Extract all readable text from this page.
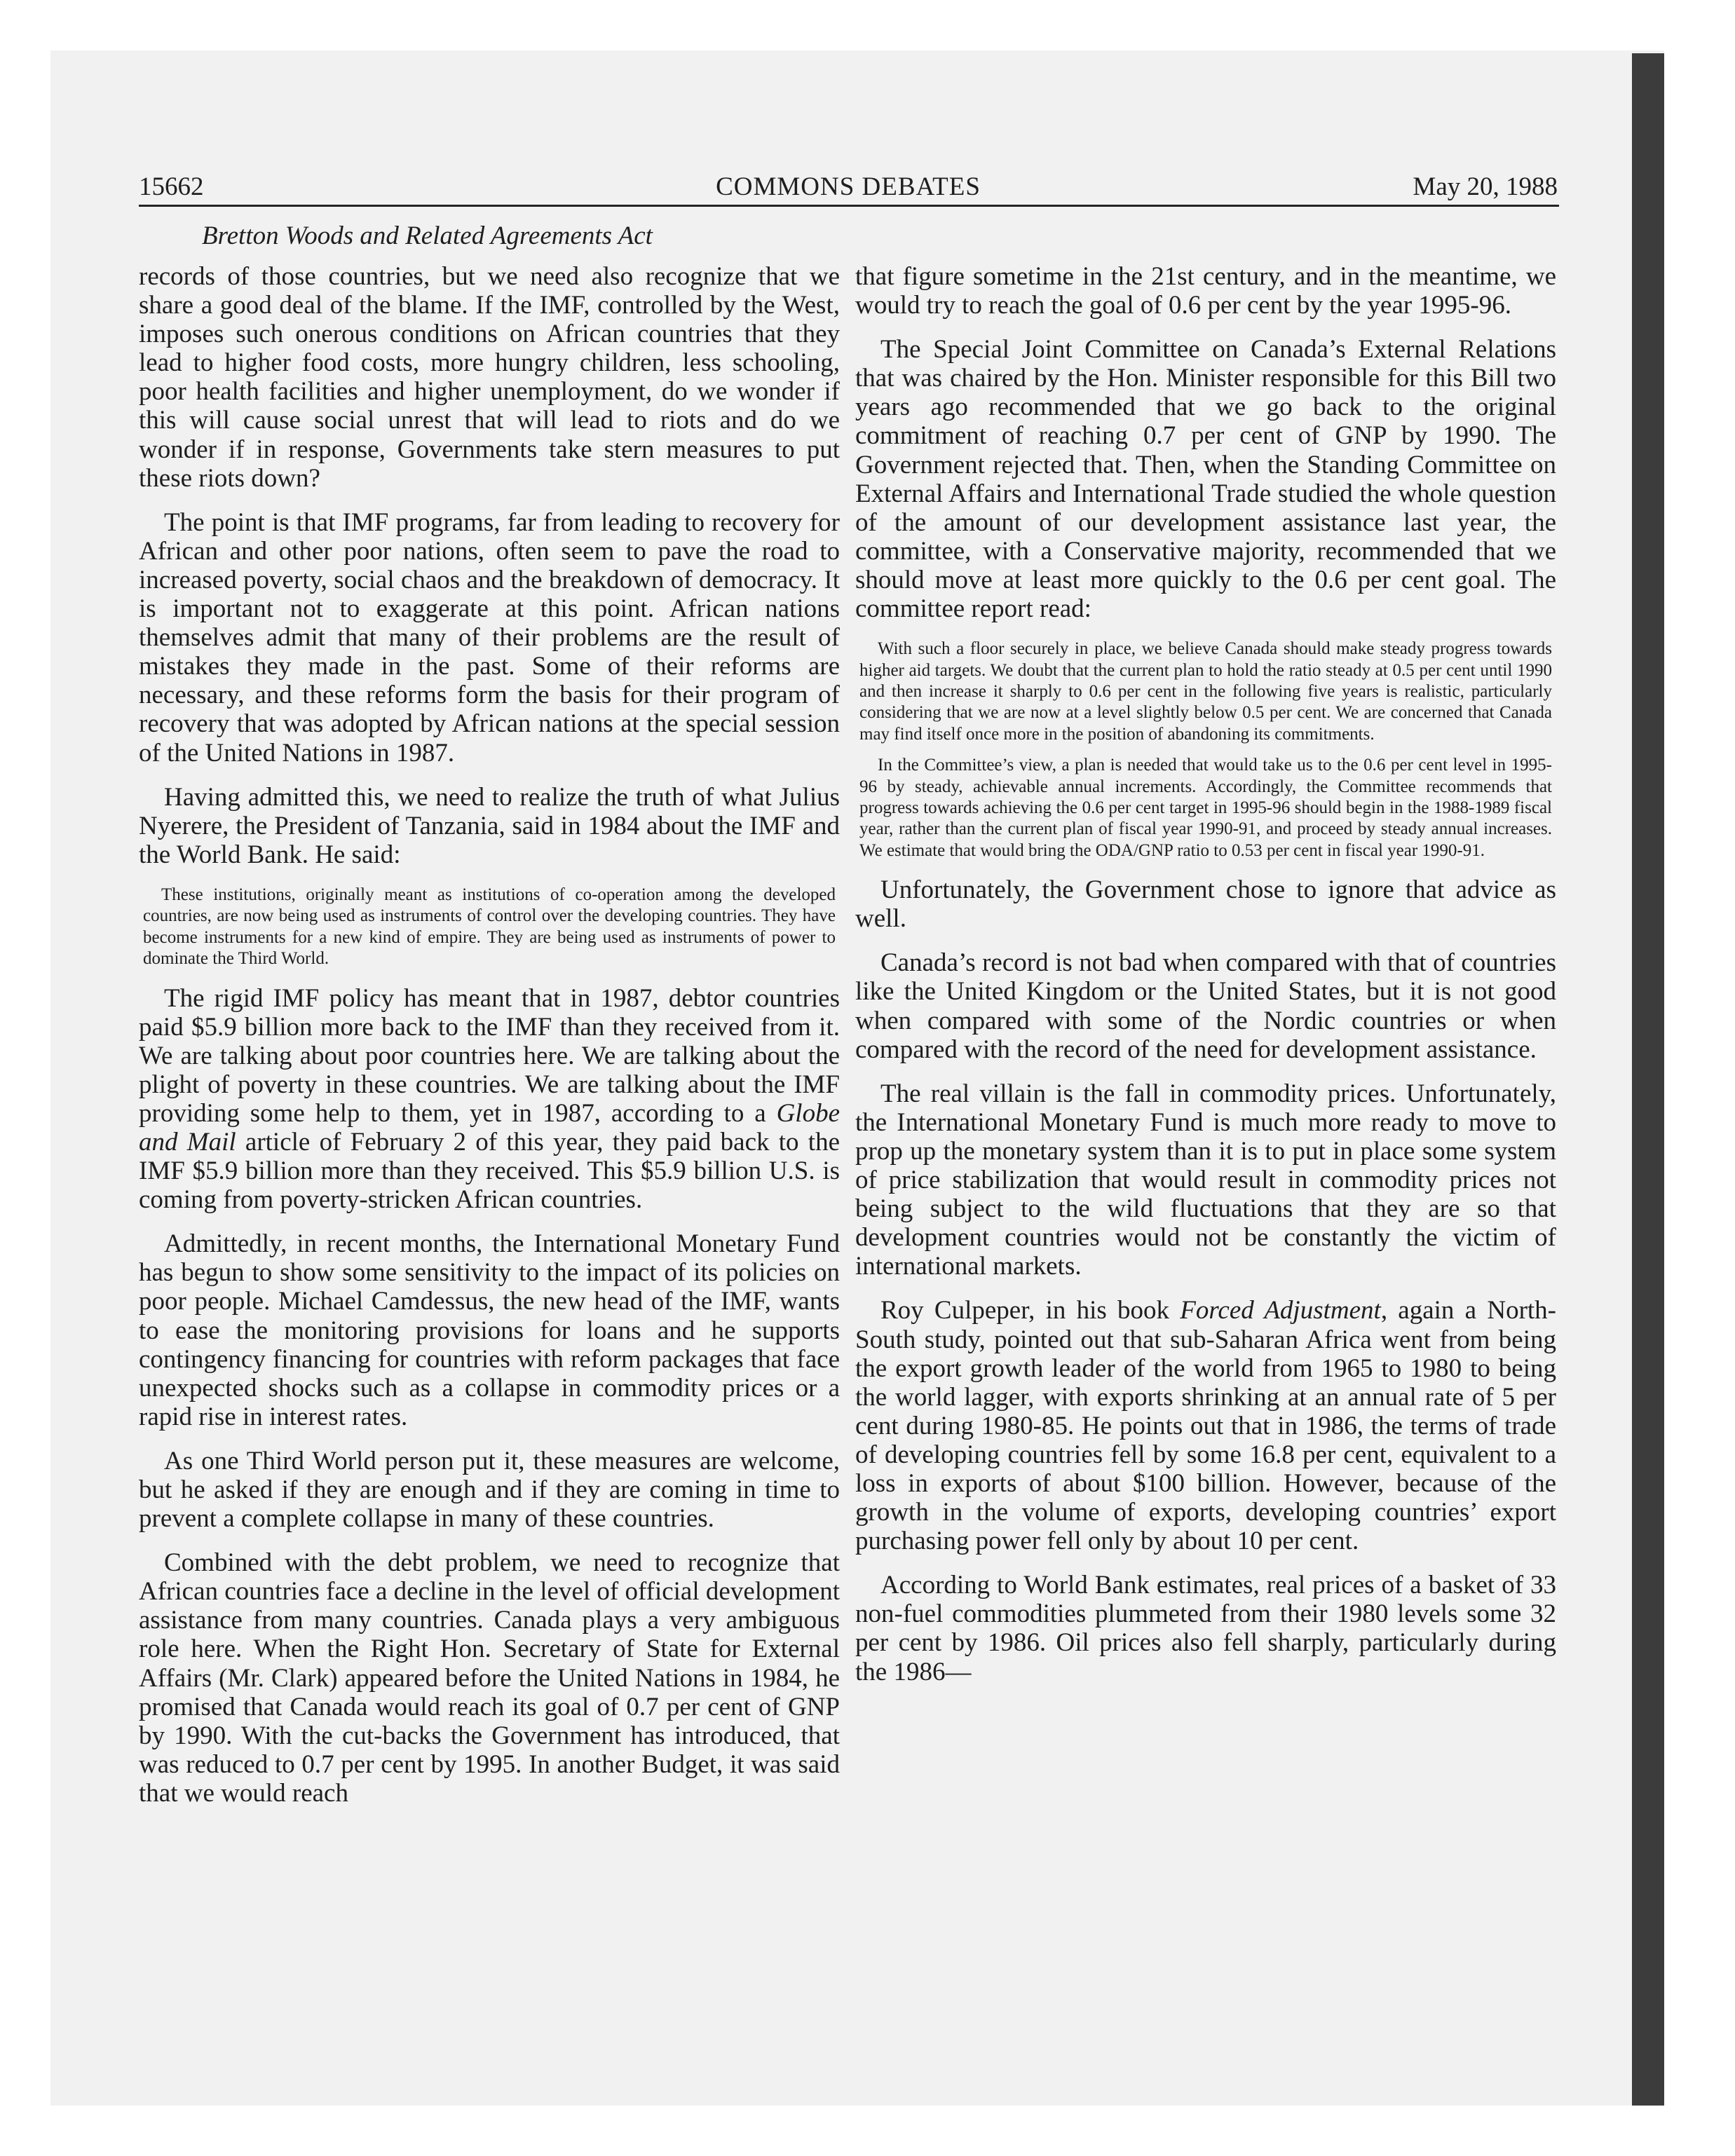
15662	COMMONS DEBATES	May 20, 1988
Bretton Woods and Related Agreements Act

records of those countries, but we need also recognize that we share a good deal of the blame. If the IMF, controlled by the West, imposes such onerous conditions on African countries that they lead to higher food costs, more hungry children, less schooling, poor health facilities and higher unemployment, do we wonder if this will cause social unrest that will lead to riots and do we wonder if in response, Governments take stern measures to put these riots down?

The point is that IMF programs, far from leading to recovery for African and other poor nations, often seem to pave the road to increased poverty, social chaos and the breakdown of democracy. It is important not to exaggerate at this point. African nations themselves admit that many of their problems are the result of mistakes they made in the past. Some of their reforms are necessary, and these reforms form the basis for their program of recovery that was adopted by African nations at the special session of the United Nations in 1987.

Having admitted this, we need to realize the truth of what Julius Nyerere, the President of Tanzania, said in 1984 about the IMF and the World Bank. He said:

These institutions, originally meant as institutions of co-operation among the developed countries, are now being used as instruments of control over the developing countries. They have become instruments for a new kind of empire. They are being used as instruments of power to dominate the Third World.

The rigid IMF policy has meant that in 1987, debtor countries paid $5.9 billion more back to the IMF than they received from it. We are talking about poor countries here. We are talking about the plight of poverty in these countries. We are talking about the IMF providing some help to them, yet in 1987, according to a Globe and Mail article of February 2 of this year, they paid back to the IMF $5.9 billion more than they received. This $5.9 billion U.S. is coming from poverty-stricken African countries.

Admittedly, in recent months, the International Monetary Fund has begun to show some sensitivity to the impact of its policies on poor people. Michael Camdessus, the new head of the IMF, wants to ease the monitoring provisions for loans and he supports contingency financing for countries with reform packages that face unexpected shocks such as a collapse in commodity prices or a rapid rise in interest rates.

As one Third World person put it, these measures are welcome, but he asked if they are enough and if they are coming in time to prevent a complete collapse in many of these countries.

Combined with the debt problem, we need to recognize that African countries face a decline in the level of official development assistance from many countries. Canada plays a very ambiguous role here. When the Right Hon. Secretary of State for External Affairs (Mr. Clark) appeared before the United Nations in 1984, he promised that Canada would reach its goal of 0.7 per cent of GNP by 1990. With the cut-backs the Government has introduced, that was reduced to 0.7 per cent by 1995. In another Budget, it was said that we would reach

that figure sometime in the 21st century, and in the meantime, we would try to reach the goal of 0.6 per cent by the year 1995-96.

The Special Joint Committee on Canada’s External Relations that was chaired by the Hon. Minister responsible for this Bill two years ago recommended that we go back to the original commitment of reaching 0.7 per cent of GNP by 1990. The Government rejected that. Then, when the Standing Committee on External Affairs and International Trade studied the whole question of the amount of our development assistance last year, the committee, with a Conservative majority, recommended that we should move at least more quickly to the 0.6 per cent goal. The committee report read:

With such a floor securely in place, we believe Canada should make steady progress towards higher aid targets. We doubt that the current plan to hold the ratio steady at 0.5 per cent until 1990 and then increase it sharply to 0.6 per cent in the following five years is realistic, particularly considering that we are now at a level slightly below 0.5 per cent. We are concerned that Canada may find itself once more in the position of abandoning its commitments.

In the Committee’s view, a plan is needed that would take us to the 0.6 per cent level in 1995-96 by steady, achievable annual increments. Accordingly, the Committee recommends that progress towards achieving the 0.6 per cent target in 1995-96 should begin in the 1988-1989 fiscal year, rather than the current plan of fiscal year 1990-91, and proceed by steady annual increases. We estimate that would bring the ODA/GNP ratio to 0.53 per cent in fiscal year 1990-91.

Unfortunately, the Government chose to ignore that advice as well.

Canada’s record is not bad when compared with that of countries like the United Kingdom or the United States, but it is not good when compared with some of the Nordic countries or when compared with the record of the need for development assistance.

The real villain is the fall in commodity prices. Unfortunately, the International Monetary Fund is much more ready to move to prop up the monetary system than it is to put in place some system of price stabilization that would result in commodity prices not being subject to the wild fluctuations that they are so that development countries would not be constantly the victim of international markets.

Roy Culpeper, in his book Forced Adjustment, again a North-South study, pointed out that sub-Saharan Africa went from being the export growth leader of the world from 1965 to 1980 to being the world lagger, with exports shrinking at an annual rate of 5 per cent during 1980-85. He points out that in 1986, the terms of trade of developing countries fell by some 16.8 per cent, equivalent to a loss in exports of about $100 billion. However, because of the growth in the volume of exports, developing countries’ export purchasing power fell only by about 10 per cent.

According to World Bank estimates, real prices of a basket of 33 non-fuel commodities plummeted from their 1980 levels some 32 per cent by 1986. Oil prices also fell sharply, particularly during the 1986—
